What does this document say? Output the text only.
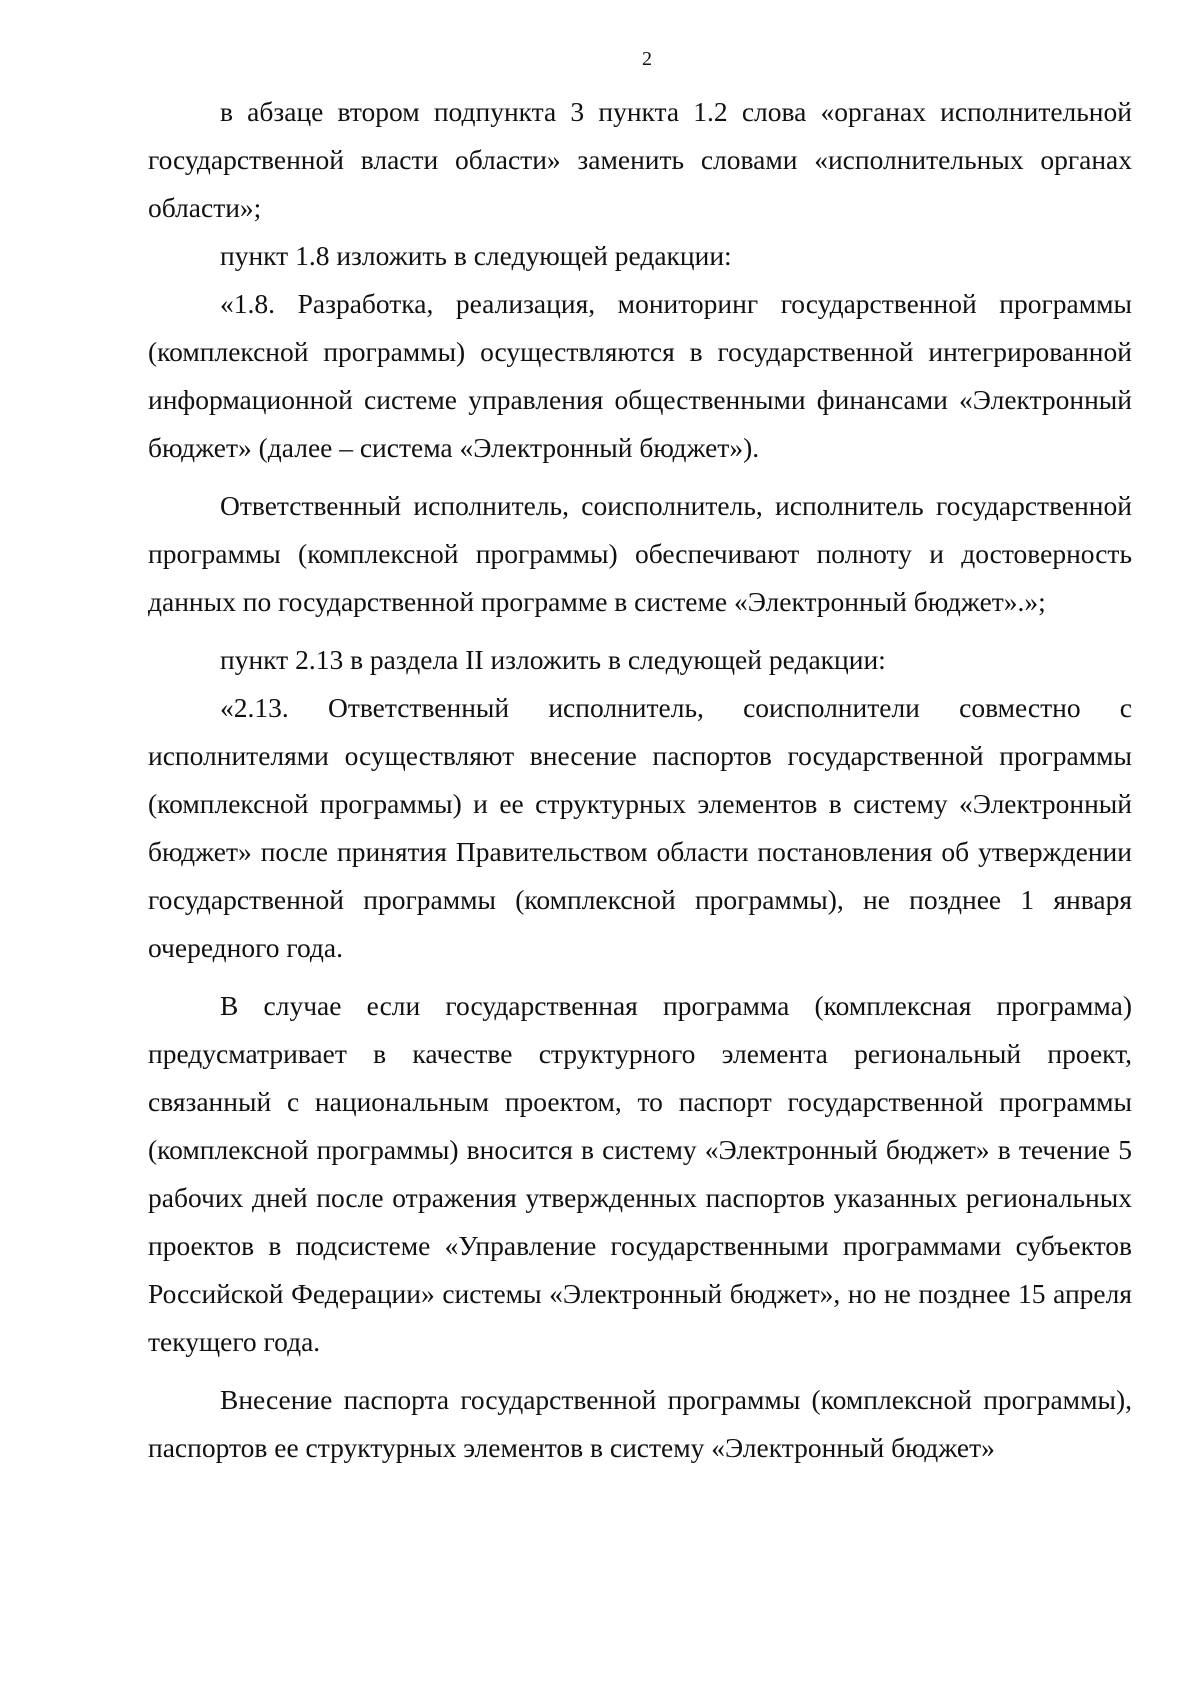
2

в абзаце втором подпункта 3 пункта 1.2 слова «органах исполнительной государственной власти области» заменить словами «исполнительных органах области»;

пункт 1.8 изложить в следующей редакции:

«1.8. Разработка, реализация, мониторинг государственной программы (комплексной программы) осуществляются в государственной интегрированной информационной системе управления общественными финансами «Электронный бюджет» (далее – система «Электронный бюджет»).

Ответственный исполнитель, соисполнитель, исполнитель государственной программы (комплексной программы) обеспечивают полноту и достоверность данных по государственной программе в системе «Электронный бюджет».»;

пункт 2.13 в раздела II изложить в следующей редакции:

«2.13. Ответственный исполнитель, соисполнители совместно с исполнителями осуществляют внесение паспортов государственной программы (комплексной программы) и ее структурных элементов в систему «Электронный бюджет» после принятия Правительством области постановления об утверждении государственной программы (комплексной программы), не позднее 1 января очередного года.

В случае если государственная программа (комплексная программа) предусматривает в качестве структурного элемента региональный проект, связанный с национальным проектом, то паспорт государственной программы (комплексной программы) вносится в систему «Электронный бюджет» в течение 5 рабочих дней после отражения утвержденных паспортов указанных региональных проектов в подсистеме «Управление государственными программами субъектов Российской Федерации» системы «Электронный бюджет», но не позднее 15 апреля текущего года.

Внесение паспорта государственной программы (комплексной программы), паспортов ее структурных элементов в систему «Электронный бюджет»
